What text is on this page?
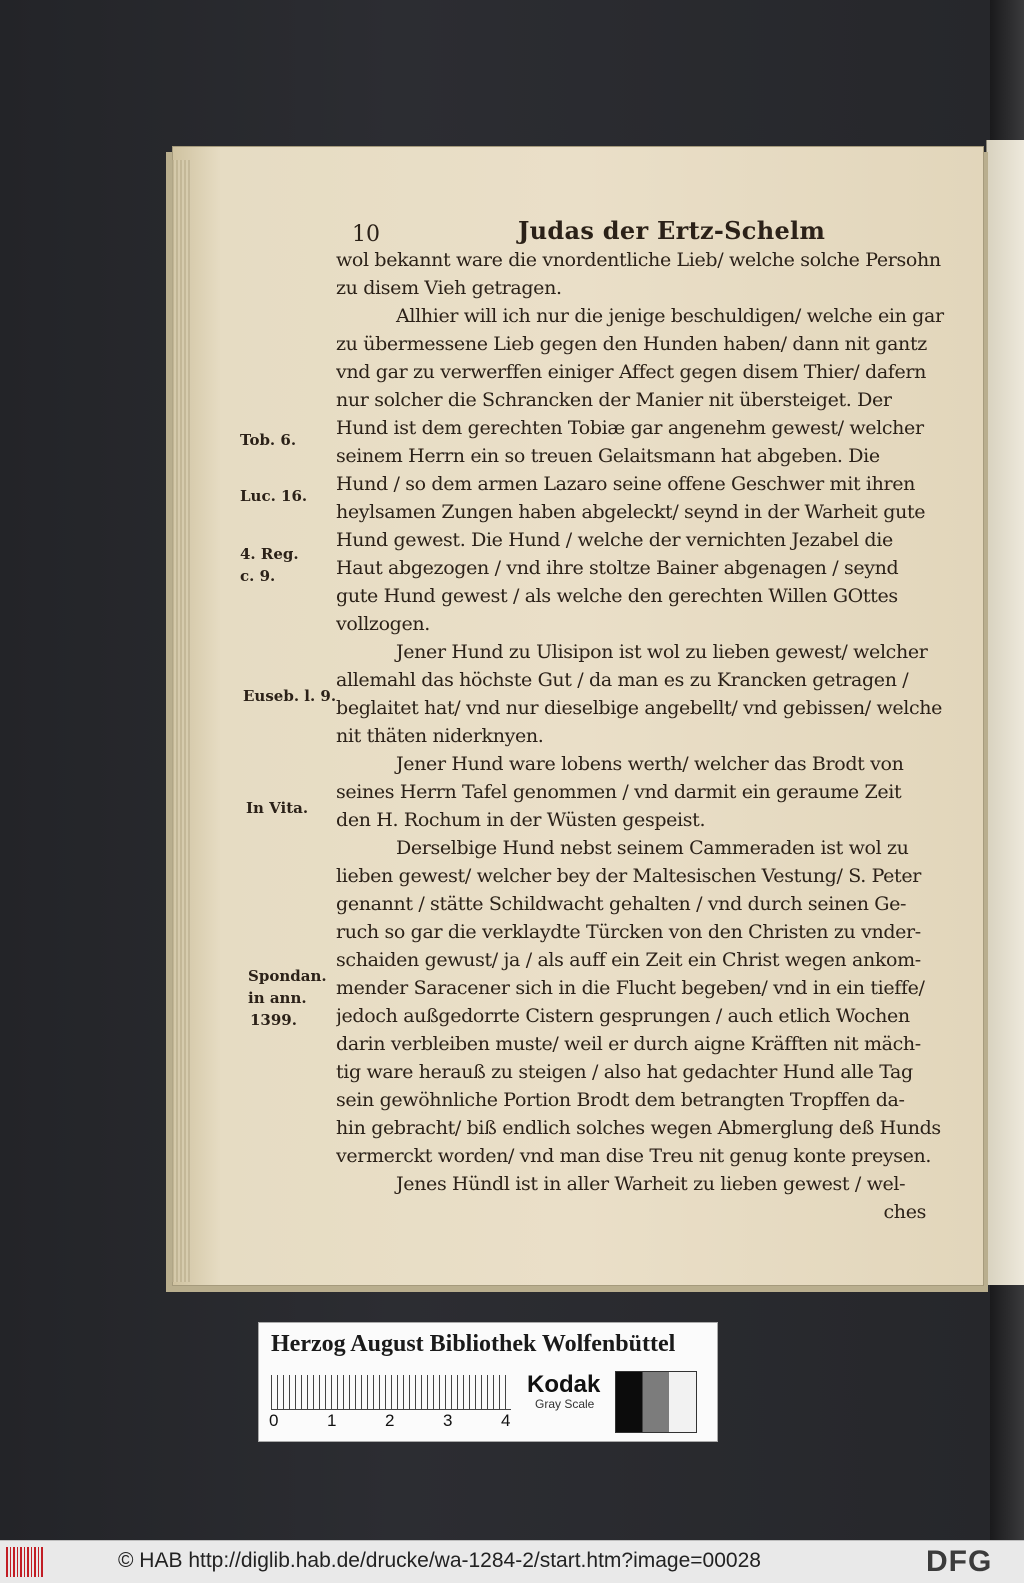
10	Judas der Ertz-Schelm
wol bekannt ware die vnordentliche Lieb/ welche solche Persohn
zu disem Vieh getragen.
Allhier will ich nur die jenige beschuldigen/ welche ein gar
zu übermessene Lieb gegen den Hunden haben/ dann nit gantz
vnd gar zu verwerffen einiger Affect gegen disem Thier/ dafern
nur solcher die Schrancken der Manier nit übersteiget. Der
Hund ist dem gerechten Tobiæ gar angenehm gewest/ welcher
seinem Herrn ein so treuen Gelaitsmann hat abgeben. Die
Hund / so dem armen Lazaro seine offene Geschwer mit ihren
heylsamen Zungen haben abgeleckt/ seynd in der Warheit gute
Hund gewest. Die Hund / welche der vernichten Jezabel die
Haut abgezogen / vnd ihre stoltze Bainer abgenagen / seynd
gute Hund gewest / als welche den gerechten Willen GOttes
vollzogen.
Jener Hund zu Ulisipon ist wol zu lieben gewest/ welcher
allemahl das höchste Gut / da man es zu Krancken getragen /
beglaitet hat/ vnd nur dieselbige angebellt/ vnd gebissen/ welche
nit thäten niderknyen.
Jener Hund ware lobens werth/ welcher das Brodt von
seines Herrn Tafel genommen / vnd darmit ein geraume Zeit
den H. Rochum in der Wüsten gespeist.
Derselbige Hund nebst seinem Cammeraden ist wol zu
lieben gewest/ welcher bey der Maltesischen Vestung/ S. Peter
genannt / stätte Schildwacht gehalten / vnd durch seinen Ge-
ruch so gar die verklaydte Türcken von den Christen zu vnder-
schaiden gewust/ ja / als auff ein Zeit ein Christ wegen ankom-
mender Saracener sich in die Flucht begeben/ vnd in ein tieffe/
jedoch außgedorrte Cistern gesprungen / auch etlich Wochen
darin verbleiben muste/ weil er durch aigne Kräfften nit mäch-
tig ware herauß zu steigen / also hat gedachter Hund alle Tag
sein gewöhnliche Portion Brodt dem betrangten Tropffen da-
hin gebracht/ biß endlich solches wegen Abmerglung deß Hunds
vermerckt worden/ vnd man dise Treu nit genug konte preysen.
Jenes Hündl ist in aller Warheit zu lieben gewest / wel-
ches
Tob. 6.
Luc. 16.
4. Reg.
c. 9.
Euseb. l. 9.
In Vita.
Spondan.
in ann.
1399.
Herzog August Bibliothek Wolfenbüttel
0	1	2	3	4
Kodak
Gray Scale
© HAB http://diglib.hab.de/drucke/wa-1284-2/start.htm?image=00028	DFG
